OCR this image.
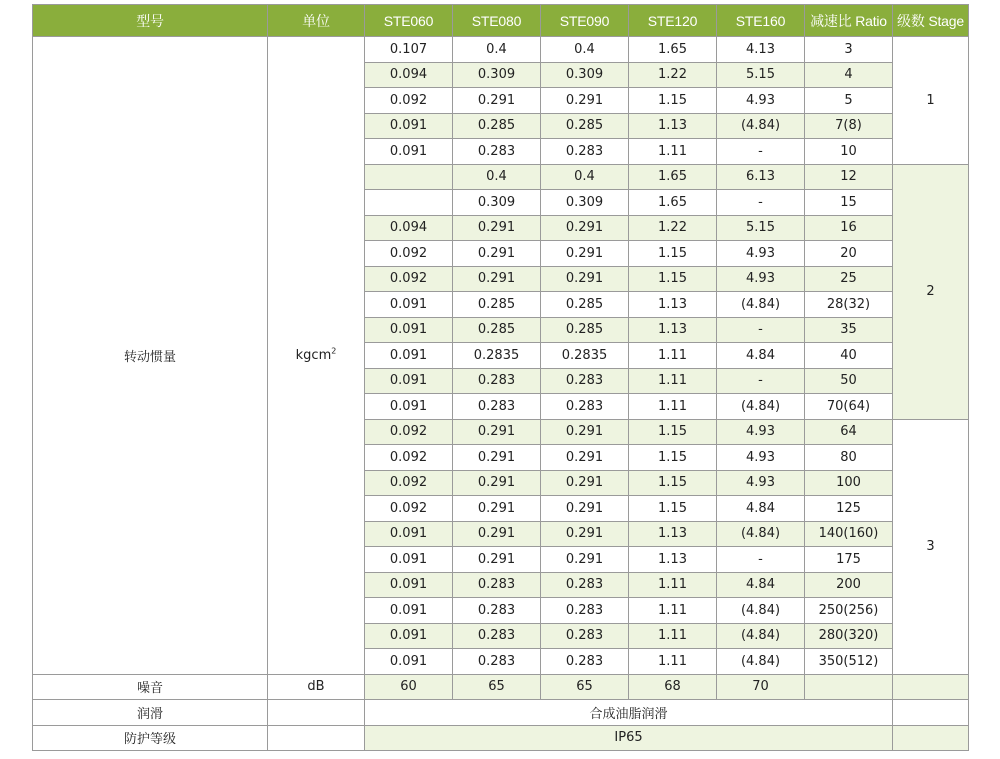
型号	单位	STE060	STE080	STE090	STE120	STE160	减速比 Ratio	级数 Stage
转动惯量	kgcm$^2$	0.107	0.4	0.4	1.65	4.13	3	1
		0.094	0.309	0.309	1.22	5.15	4	
		0.092	0.291	0.291	1.15	4.93	5	
		0.091	0.285	0.285	1.13	(4.84)	7(8)	
		0.091	0.283	0.283	1.11	-	10	
			0.4	0.4	1.65	6.13	12	2
			0.309	0.309	1.65	-	15	
		0.094	0.291	0.291	1.22	5.15	16	
		0.092	0.291	0.291	1.15	4.93	20	
		0.092	0.291	0.291	1.15	4.93	25	
		0.091	0.285	0.285	1.13	(4.84)	28(32)	
		0.091	0.285	0.285	1.13	-	35	
		0.091	0.2835	0.2835	1.11	4.84	40	
		0.091	0.283	0.283	1.11	-	50	
		0.091	0.283	0.283	1.11	(4.84)	70(64)	
		0.092	0.291	0.291	1.15	4.93	64	3
		0.092	0.291	0.291	1.15	4.93	80	
		0.092	0.291	0.291	1.15	4.93	100	
		0.092	0.291	0.291	1.15	4.84	125	
		0.091	0.291	0.291	1.13	(4.84)	140(160)	
		0.091	0.291	0.291	1.13	-	175	
		0.091	0.283	0.283	1.11	4.84	200	
		0.091	0.283	0.283	1.11	(4.84)	250(256)	
		0.091	0.283	0.283	1.11	(4.84)	280(320)	
		0.091	0.283	0.283	1.11	(4.84)	350(512)	
噪音	dB	60	65	65	68	70		
润滑		合成油脂润滑						
防护等级		IP65						
